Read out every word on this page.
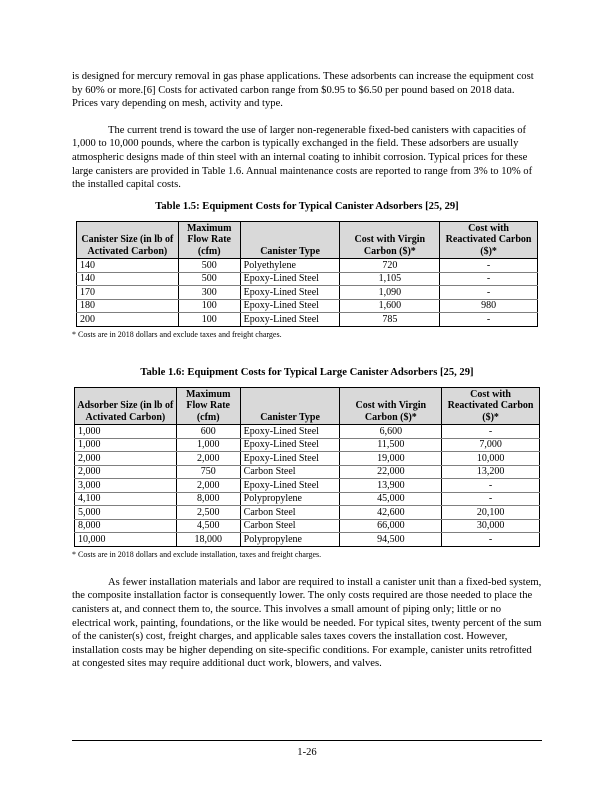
is designed for mercury removal in gas phase applications. These adsorbents can increase the equipment cost by 60% or more.[6] Costs for activated carbon range from $0.95 to $6.50 per pound based on 2018 data. Prices vary depending on mesh, activity and type.

The current trend is toward the use of larger non-regenerable fixed-bed canisters with capacities of 1,000 to 10,000 pounds, where the carbon is typically exchanged in the field. These adsorbers are usually atmospheric designs made of thin steel with an internal coating to inhibit corrosion. Typical prices for these large canisters are provided in Table 1.6. Annual maintenance costs are reported to range from 3% to 10% of the installed capital costs.

Table 1.5: Equipment Costs for Typical Canister Adsorbers [25, 29]
Canister Size (in lb of Activated Carbon)	Maximum Flow Rate (cfm)	Canister Type	Cost with Virgin Carbon ($)*	Cost with Reactivated Carbon ($)*
140	500	Polyethylene	720	-
140	500	Epoxy-Lined Steel	1,105	-
170	300	Epoxy-Lined Steel	1,090	-
180	100	Epoxy-Lined Steel	1,600	980
200	100	Epoxy-Lined Steel	785	-
* Costs are in 2018 dollars and exclude taxes and freight charges.
Table 1.6: Equipment Costs for Typical Large Canister Adsorbers [25, 29]
Adsorber Size (in lb of Activated Carbon)	Maximum Flow Rate (cfm)	Canister Type	Cost with Virgin Carbon ($)*	Cost with Reactivated Carbon ($)*
1,000	600	Epoxy-Lined Steel	6,600	-
1,000	1,000	Epoxy-Lined Steel	11,500	7,000
2,000	2,000	Epoxy-Lined Steel	19,000	10,000
2,000	750	Carbon Steel	22,000	13,200
3,000	2,000	Epoxy-Lined Steel	13,900	-
4,100	8,000	Polypropylene	45,000	-
5,000	2,500	Carbon Steel	42,600	20,100
8,000	4,500	Carbon Steel	66,000	30,000
10,000	18,000	Polypropylene	94,500	-
* Costs are in 2018 dollars and exclude installation, taxes and freight charges.

As fewer installation materials and labor are required to install a canister unit than a fixed-bed system, the composite installation factor is consequently lower. The only costs required are those needed to place the canisters at, and connect them to, the source. This involves a small amount of piping only; little or no electrical work, painting, foundations, or the like would be needed. For typical sites, twenty percent of the sum of the canister(s) cost, freight charges, and applicable sales taxes covers the installation cost. However, installation costs may be higher depending on site-specific conditions. For example, canister units retrofitted at congested sites may require additional duct work, blowers, and valves.

1-26
